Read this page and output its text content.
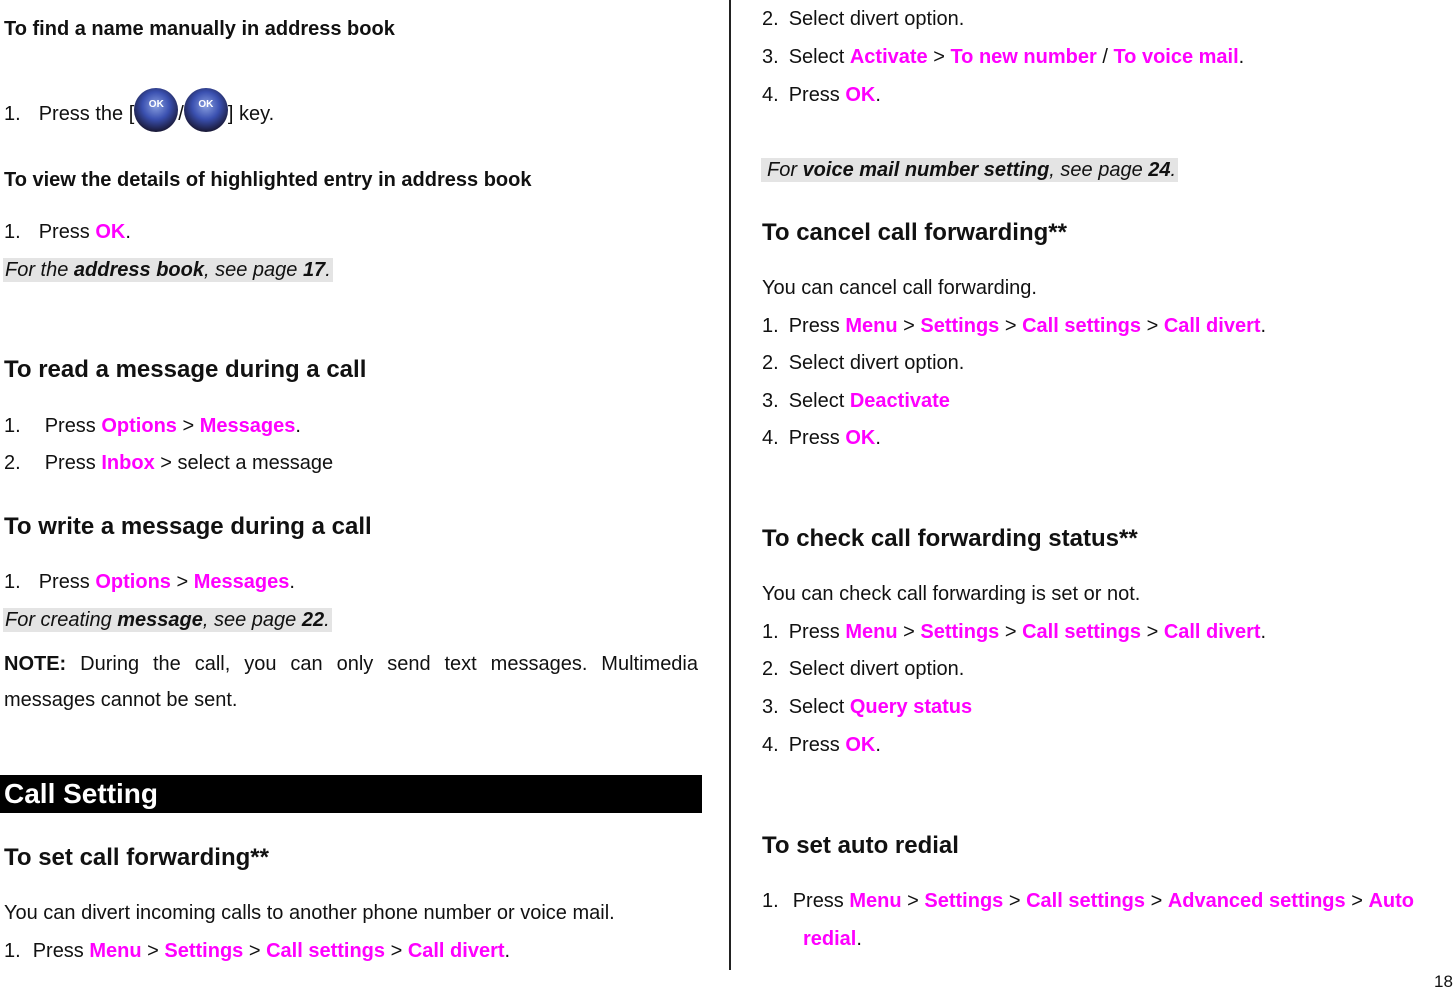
To find a name manually in address book
1. Press the [	OK /	OK ] key.
To view the details of highlighted entry in address book
1. Press OK.
For the address book, see page 17.
To read a message during a call
1. Press Options > Messages.
2. Press Inbox > select a message
To write a message during a call
1. Press Options > Messages.
For creating message, see page 22.
NOTE: During the call, you can only send text messages. Multimedia messages cannot be sent.
Call Setting
To set call forwarding**
You can divert incoming calls to another phone number or voice mail.
1. Press Menu > Settings > Call settings > Call divert.
2. Select divert option.
3. Select Activate > To new number / To voice mail.
4. Press OK.
For voice mail number setting, see page 24.
To cancel call forwarding**
You can cancel call forwarding.
1. Press Menu > Settings > Call settings > Call divert.
2. Select divert option.
3. Select Deactivate
4. Press OK.
To check call forwarding status**
You can check call forwarding is set or not.
1. Press Menu > Settings > Call settings > Call divert.
2. Select divert option.
3. Select Query status
4. Press OK.
To set auto redial
1. Press Menu > Settings > Call settings > Advanced settings > Auto
redial.
18
